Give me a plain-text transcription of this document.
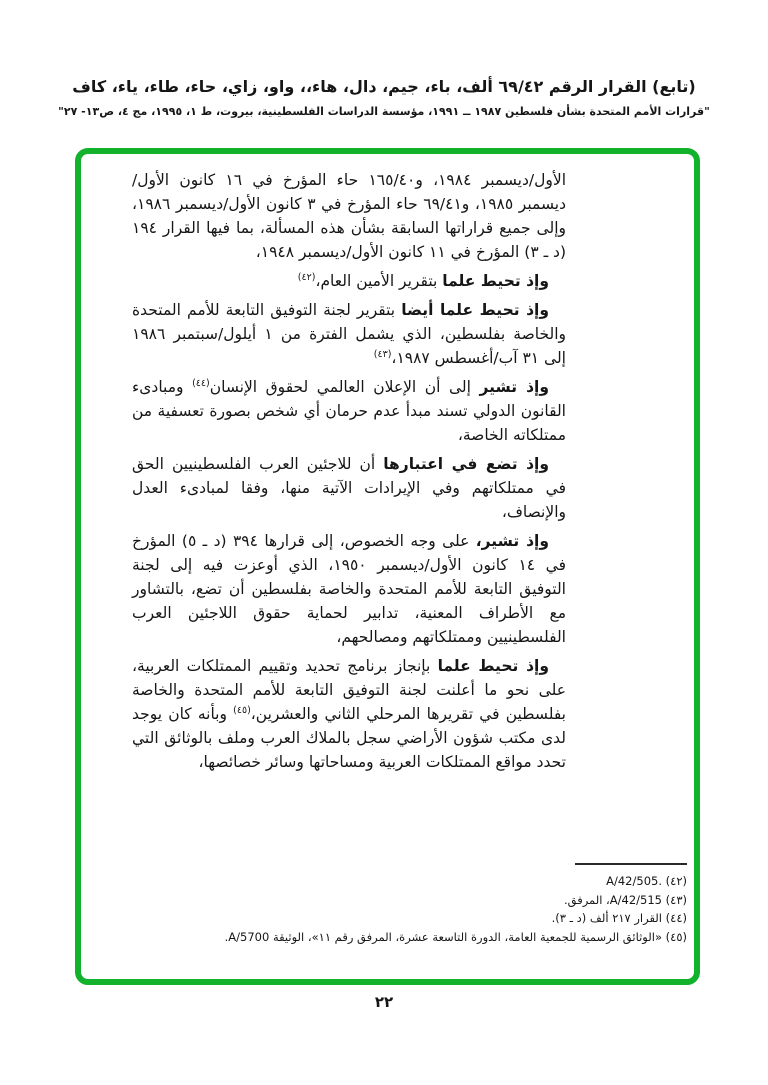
(تابع) القرار الرقم ٦٩/٤٢ ألف، باء، جيم، دال، هاء،، واو، زاي، حاء، طاء، ياء، كاف
"قرارات الأمم المتحدة بشأن فلسطين ١٩٨٧ ــ ١٩٩١، مؤسسة الدراسات الفلسطينية، بيروت، ط ١، ١٩٩٥، مج ٤، ص١٣- ٢٧"

الأول/ديسمبر ١٩٨٤، و١٦٥/٤٠ حاء المؤرخ في ١٦ كانون الأول/ديسمبر ١٩٨٥، و٦٩/٤١ حاء المؤرخ في ٣ كانون الأول/ديسمبر ١٩٨٦، وإلى جميع قراراتها السابقة بشأن هذه المسألة، بما فيها القرار ١٩٤ (د ـ ٣) المؤرخ في ١١ كانون الأول/ديسمبر ١٩٤٨،

وإذ تحيط علما بتقرير الأمين العام،$^{(٤٢)}$

وإذ تحيط علما أيضا بتقرير لجنة التوفيق التابعة للأمم المتحدة والخاصة بفلسطين، الذي يشمل الفترة من ١ أيلول/سبتمبر ١٩٨٦ إلى ٣١ آب/أغسطس ١٩٨٧،$^{(٤٣)}$

وإذ تشير إلى أن الإعلان العالمي لحقوق الإنسان$^{(٤٤)}$ ومبادىء القانون الدولي تسند مبدأ عدم حرمان أي شخص بصورة تعسفية من ممتلكاته الخاصة،

وإذ تضع في اعتبارها أن للاجئين العرب الفلسطينيين الحق في ممتلكاتهم وفي الإيرادات الآتية منها، وفقا لمبادىء العدل والإنصاف،

وإذ تشير، على وجه الخصوص، إلى قرارها ٣٩٤ (د ـ ٥) المؤرخ في ١٤ كانون الأول/ديسمبر ١٩٥٠، الذي أوعزت فيه إلى لجنة التوفيق التابعة للأمم المتحدة والخاصة بفلسطين أن تضع، بالتشاور مع الأطراف المعنية، تدابير لحماية حقوق اللاجئين العرب الفلسطينيين وممتلكاتهم ومصالحهم،

وإذ تحيط علما بإنجاز برنامج تحديد وتقييم الممتلكات العربية، على نحو ما أعلنت لجنة التوفيق التابعة للأمم المتحدة والخاصة بفلسطين في تقريرها المرحلي الثاني والعشرين،$^{(٤٥)}$ وبأنه كان يوجد لدى مكتب شؤون الأراضي سجل بالملاك العرب وملف بالوثائق التي تحدد مواقع الممتلكات العربية ومساحاتها وسائر خصائصها،

(٤٢) A/42/505.

(٤٣) A/42/515، المرفق.

(٤٤) القرار ٢١٧ ألف (د ـ ٣).

(٤٥) «الوثائق الرسمية للجمعية العامة، الدورة التاسعة عشرة، المرفق رقم ١١»، الوثيقة A/5700.

٢٢
